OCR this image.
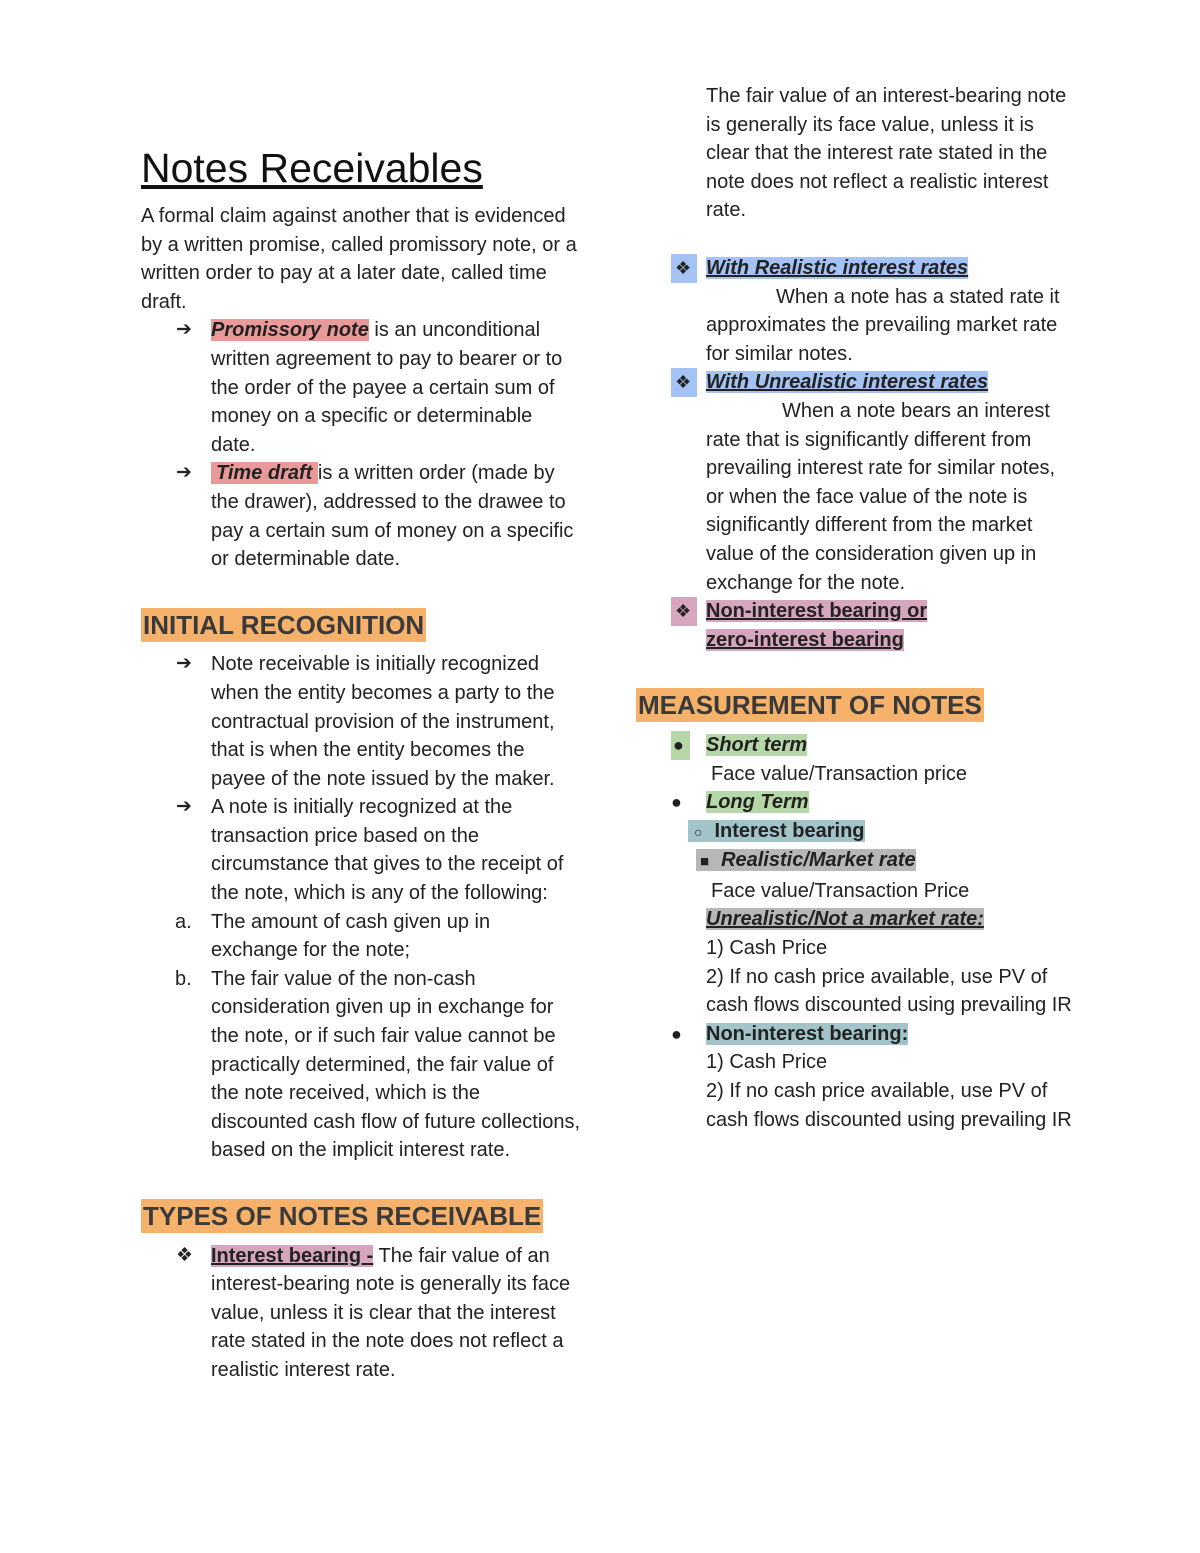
Notes Receivables

A formal claim against another that is evidenced by a written promise, called promissory note, or a written order to pay at a later date, called time draft.

➔ Promissory note is an unconditional written agreement to pay to bearer or to the order of the payee a certain sum of money on a specific or determinable date.
➔	Time draft is a written order (made by the drawer), addressed to the drawee to pay a certain sum of money on a specific or determinable date.
INITIAL RECOGNITION
➔ Note receivable is initially recognized when the entity becomes a party to the contractual provision of the instrument, that is when the entity becomes the payee of the note issued by the maker.
➔ A note is initially recognized at the transaction price based on the circumstance that gives to the receipt of the note, which is any of the following:
a. The amount of cash given up in exchange for the note;
b. The fair value of the non-cash consideration given up in exchange for the note, or if such fair value cannot be practically determined, the fair value of the note received, which is the discounted cash flow of future collections, based on the implicit interest rate.
TYPES OF NOTES RECEIVABLE
❖ Interest bearing - The fair value of an interest-bearing note is generally its face value, unless it is clear that the interest rate stated in the note does not reflect a realistic interest rate.
The fair value of an interest-bearing note is generally its face value, unless it is clear that the interest rate stated in the note does not reflect a realistic interest rate.
❖ With Realistic interest rates

When a note has a stated rate it approximates the prevailing market rate for similar notes.

❖ With Unrealistic interest rates

When a note bears an interest rate that is significantly different from prevailing interest rate for similar notes, or when the face value of the note is significantly different from the market value of the consideration given up in exchange for the note.

❖ Non-interest bearing or
zero-interest bearing
MEASUREMENT OF NOTES
●	Short term

Face value/Transaction price

●	Long Term
○ Interest bearing
■ Realistic/Market rate

Face value/Transaction Price

Unrealistic/Not a market rate:

1) Cash Price

2) If no cash price available, use PV of cash flows discounted using prevailing IR

●	Non-interest bearing:

1) Cash Price

2) If no cash price available, use PV of cash flows discounted using prevailing IR
